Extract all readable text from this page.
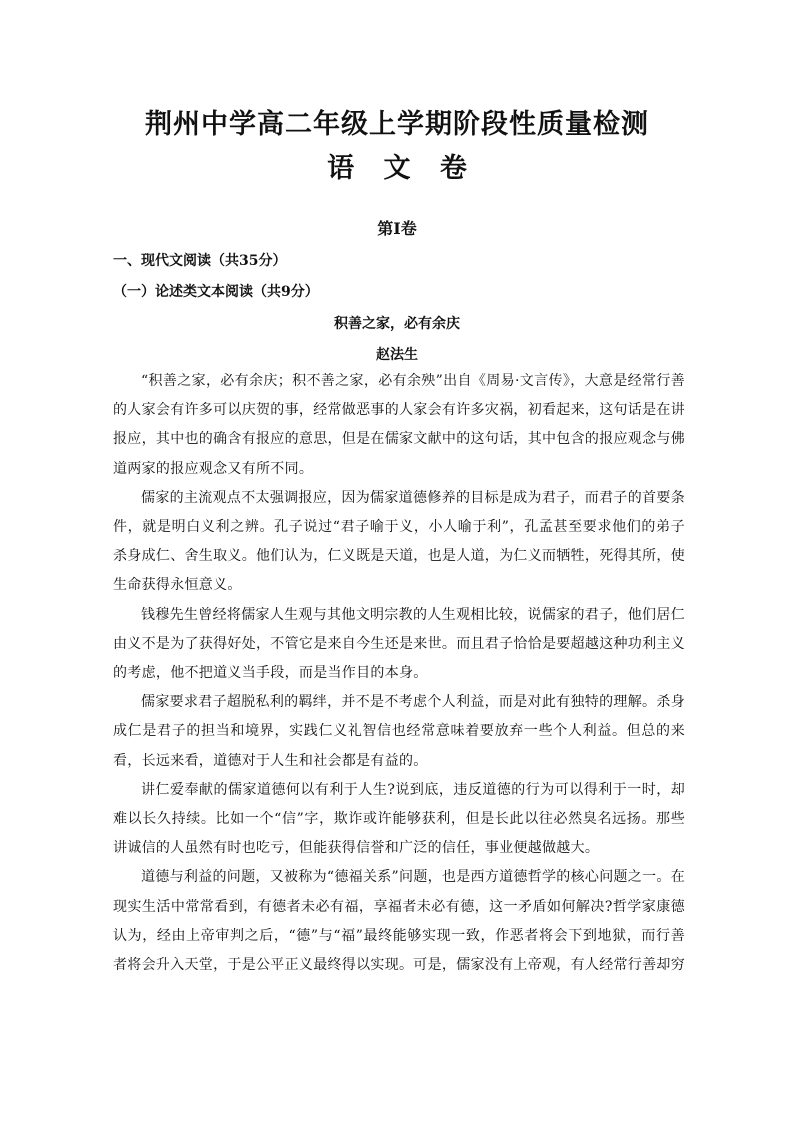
荆州中学高二年级上学期阶段性质量检测
语 文 卷
第Ⅰ卷
一、现代文阅读（共35分）
（一）论述类文本阅读（共9分）
积善之家，必有余庆
赵法生

“积善之家，必有余庆；积不善之家，必有余殃”出自《周易·文言传》，大意是经常行善的人家会有许多可以庆贺的事，经常做恶事的人家会有许多灾祸，初看起来，这句话是在讲报应，其中也的确含有报应的意思，但是在儒家文献中的这句话，其中包含的报应观念与佛道两家的报应观念又有所不同。

儒家的主流观点不太强调报应，因为儒家道德修养的目标是成为君子，而君子的首要条件，就是明白义利之辨。孔子说过“君子喻于义，小人喻于利”，孔孟甚至要求他们的弟子杀身成仁、舍生取义。他们认为，仁义既是天道，也是人道，为仁义而牺牲，死得其所，使生命获得永恒意义。

钱穆先生曾经将儒家人生观与其他文明宗教的人生观相比较，说儒家的君子，他们居仁由义不是为了获得好处，不管它是来自今生还是来世。而且君子恰恰是要超越这种功利主义的考虑，他不把道义当手段，而是当作目的本身。

儒家要求君子超脱私利的羁绊，并不是不考虑个人利益，而是对此有独特的理解。杀身成仁是君子的担当和境界，实践仁义礼智信也经常意味着要放弃一些个人利益。但总的来看，长远来看，道德对于人生和社会都是有益的。

讲仁爱奉献的儒家道德何以有利于人生?说到底，违反道德的行为可以得利于一时，却难以长久持续。比如一个“信”字，欺诈或许能够获利，但是长此以往必然臭名远扬。那些讲诚信的人虽然有时也吃亏，但能获得信誉和广泛的信任，事业便越做越大。

道德与利益的问题，又被称为“德福关系”问题，也是西方道德哲学的核心问题之一。在现实生活中常常看到，有德者未必有福，享福者未必有德，这一矛盾如何解决?哲学家康德认为，经由上帝审判之后，“德”与“福”最终能够实现一致，作恶者将会下到地狱，而行善者将会升入天堂，于是公平正义最终得以实现。可是，儒家没有上帝观，有人经常行善却穷
